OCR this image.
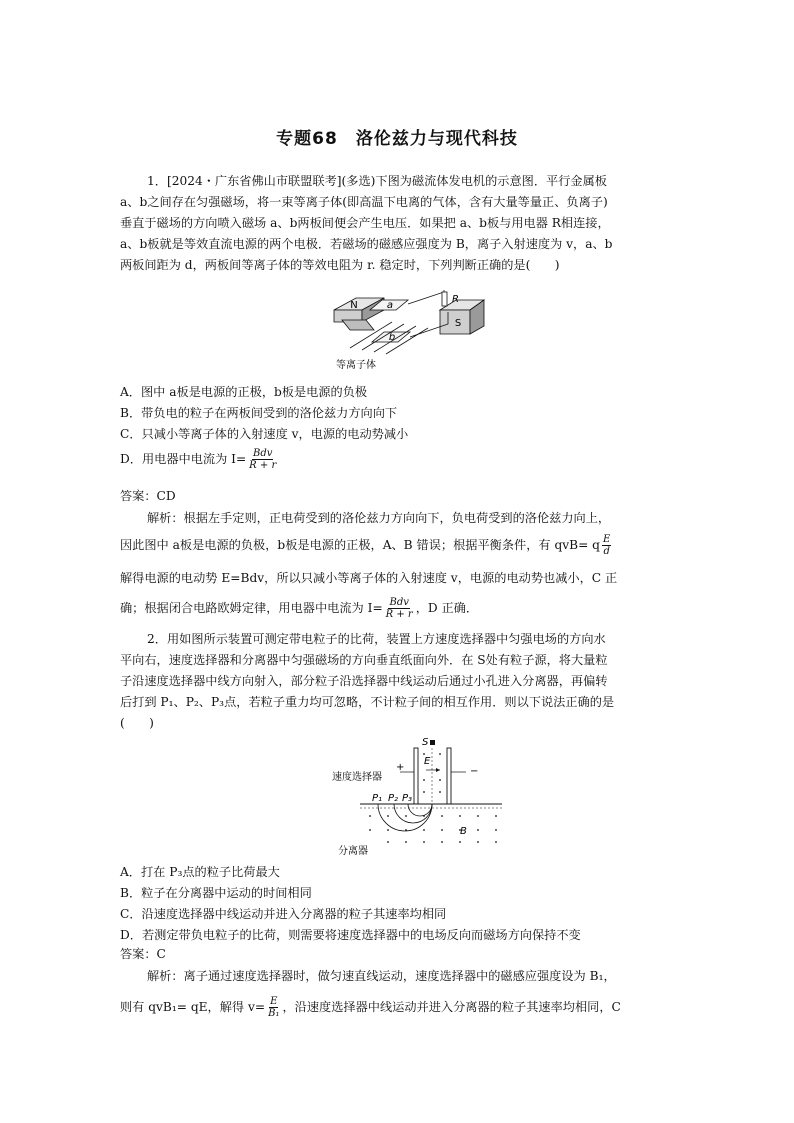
专题68　洛伦兹力与现代科技
1．[2024・广东省佛山市联盟联考](多选)下图为磁流体发电机的示意图．平行金属板
a、b之间存在匀强磁场，将一束等离子体(即高温下电离的气体，含有大量等量正、负离子)
垂直于磁场的方向喷入磁场 a、b两板间便会产生电压．如果把 a、b板与用电器 R相连接，
a、b板就是等效直流电源的两个电极．若磁场的磁感应强度为 B，离子入射速度为 v，a、b
两板间距为 d，两板间等离子体的等效电阻为 r. 稳定时，下列判断正确的是(　　)
N	a
b
S
R
等离子体
A．图中 a板是电源的正极，b板是电源的负极
B．带负电的粒子在两板间受到的洛伦兹力方向向下
C．只减小等离子体的入射速度 v，电源的电动势减小
D．用电器中电流为 $I= \frac{\text{Bdv}}{R + r}$
答案：CD
解析：根据左手定则，正电荷受到的洛伦兹力方向向下，负电荷受到的洛伦兹力向上，
因此图中 a板是电源的负极，b板是电源的正极，A、B 错误；根据平衡条件，有 qvB= q $\frac{E}{d}$
解得电源的电动势 E=Bdv，所以只减小等离子体的入射速度 v，电源的电动势也减小，C 正
确；根据闭合电路欧姆定律，用电器中电流为 $I= \frac{\text{Bdv}}{R + r}$ ，D 正确．
2．用如图所示装置可测定带电粒子的比荷，装置上方速度选择器中匀强电场的方向水
平向右，速度选择器和分离器中匀强磁场的方向垂直纸面向外．在 S处有粒子源，将大量粒
子沿速度选择器中线方向射入，部分粒子沿选择器中线运动后通过小孔进入分离器，再偏转
后打到 P₁、P₂、P₃点，若粒子重力均可忽略，不计粒子间的相互作用．则以下说法正确的是
(　　)
S
+	−
E
速度选择器
P₁ P₂ P₃
B
分离器
A．打在 P₃点的粒子比荷最大
B．粒子在分离器中运动的时间相同
C．沿速度选择器中线运动并进入分离器的粒子其速率均相同
D．若测定带负电粒子的比荷，则需要将速度选择器中的电场反向而磁场方向保持不变
答案：C
解析：离子通过速度选择器时，做匀速直线运动，速度选择器中的磁感应强度设为 B₁，
则有 qvB₁= qE，解得 $v= \frac{E}{\text{B₁}}$ ，沿速度选择器中线运动并进入分离器的粒子其速率均相同，C
